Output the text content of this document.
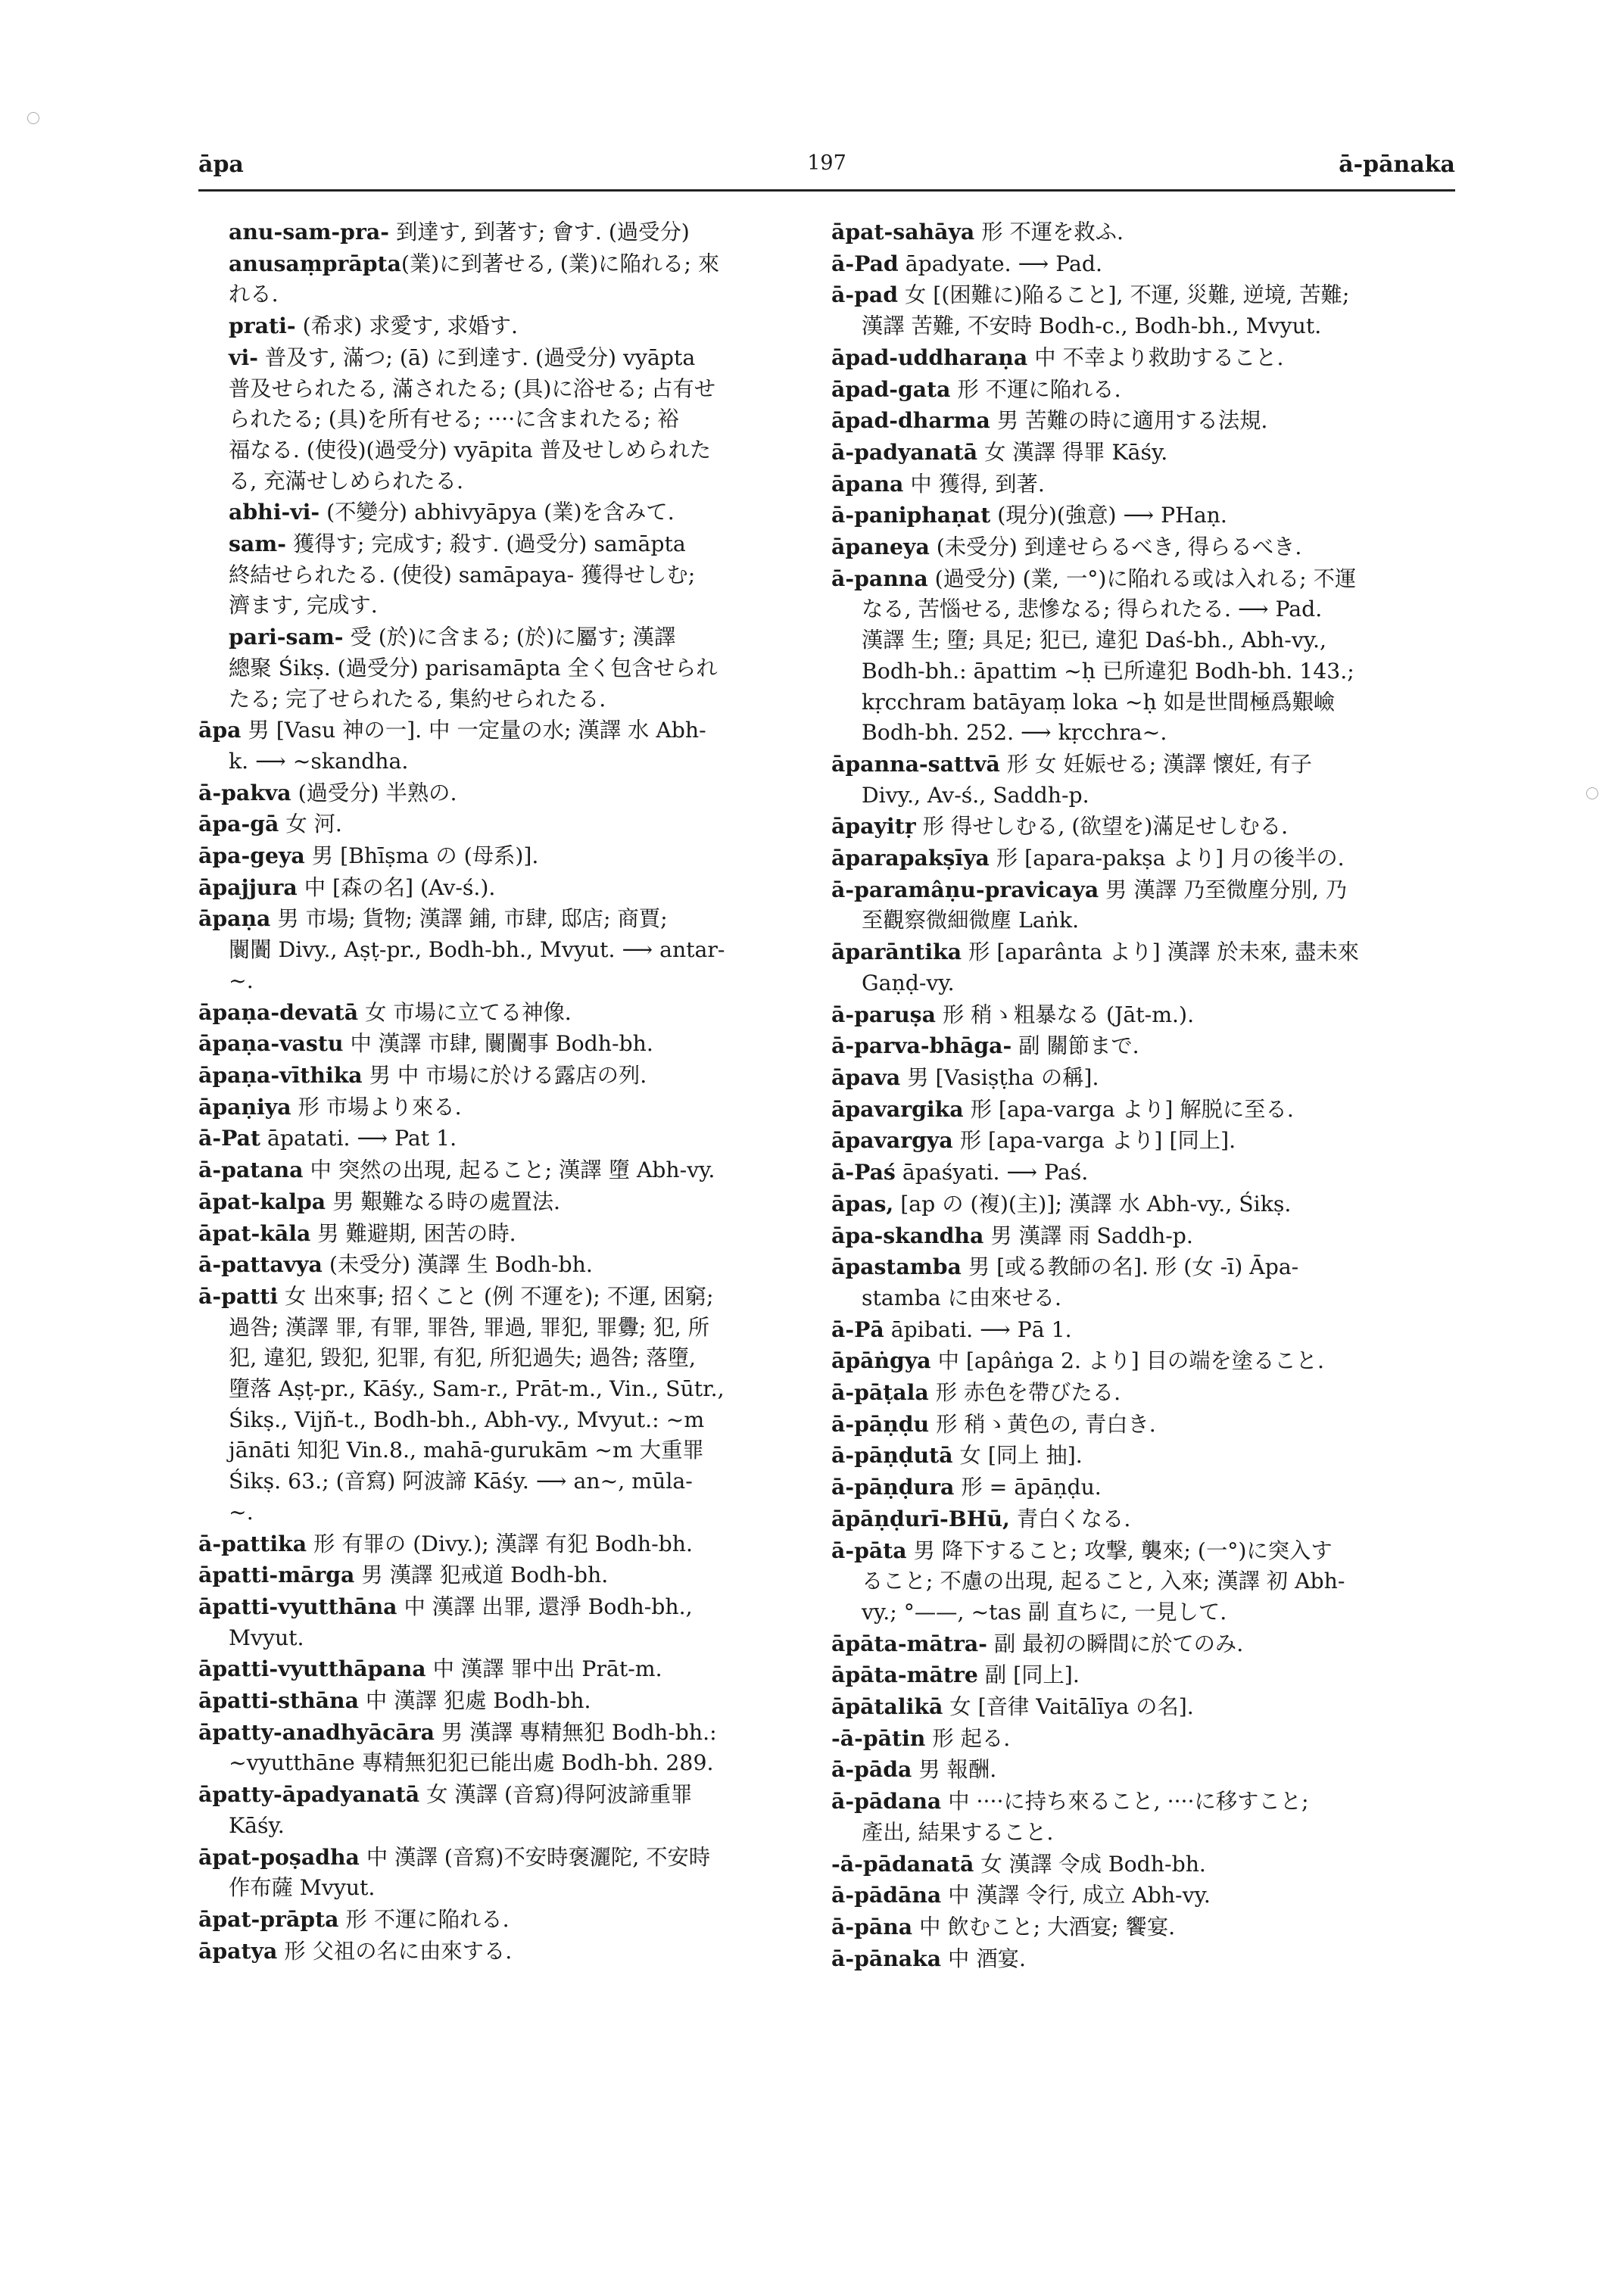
āpa	197	ā-pānaka
anu-sam-pra- 到達す, 到著す; 會す. (過受分)
anusaṃprāpta(業)に到著せる, (業)に陥れる; 來
れる.
prati- (希求) 求愛す, 求婚す.
vi- 普及す, 滿つ; (ā) に到達す. (過受分) vyāpta
普及せられたる, 滿されたる; (具)に浴せる; 占有せ
られたる; (具)を所有せる; ····に含まれたる; 裕
福なる. (使役)(過受分) vyāpita 普及せしめられた
る, 充滿せしめられたる.
abhi-vi- (不變分) abhivyāpya (業)を含みて.
sam- 獲得す; 完成す; 殺す. (過受分) samāpta
終結せられたる. (使役) samāpaya- 獲得せしむ;
濟ます, 完成す.
pari-sam- 受 (於)に含まる; (於)に屬す; 漢譯
總聚 Śikṣ. (過受分) parisamāpta 全く包含せられ
たる; 完了せられたる, 集約せられたる.
āpa 男 [Vasu 神の一]. 中 一定量の水; 漢譯 水 Abh-
k. ⟶ ~skandha.
ā-pakva (過受分) 半熟の.
āpa-gā 女 河.
āpa-geya 男 [Bhīṣma の (母系)].
āpajjura 中 [森の名] (Av-ś.).
āpaṇa 男 市場; 貨物; 漢譯 鋪, 市肆, 邸店; 商賈;
闤闠 Divy., Aṣṭ-pr., Bodh-bh., Mvyut. ⟶ antar-
~.
āpaṇa-devatā 女 市場に立てる神像.
āpaṇa-vastu 中 漢譯 市肆, 闤闠事 Bodh-bh.
āpaṇa-vīthika 男 中 市場に於ける露店の列.
āpaṇiya 形 市場より來る.
ā-Pat āpatati. ⟶ Pat 1.
ā-patana 中 突然の出現, 起ること; 漢譯 墮 Abh-vy.
āpat-kalpa 男 艱難なる時の處置法.
āpat-kāla 男 難避期, 困苦の時.
ā-pattavya (未受分) 漢譯 生 Bodh-bh.
ā-patti 女 出來事; 招くこと (例 不運を); 不運, 困窮;
過咎; 漢譯 罪, 有罪, 罪咎, 罪過, 罪犯, 罪釁; 犯, 所
犯, 違犯, 毀犯, 犯罪, 有犯, 所犯過失; 過咎; 落墮,
墮落 Aṣṭ-pr., Kāśy., Sam-r., Prāt-m., Vin., Sūtr.,
Śikṣ., Vijñ-t., Bodh-bh., Abh-vy., Mvyut.: ~m
jānāti 知犯 Vin.8., mahā-gurukām ~m 大重罪
Śikṣ. 63.; (音寫) 阿波諦 Kāśy. ⟶ an~, mūla-
~.
ā-pattika 形 有罪の (Divy.); 漢譯 有犯 Bodh-bh.
āpatti-mārga 男 漢譯 犯戒道 Bodh-bh.
āpatti-vyutthāna 中 漢譯 出罪, 還淨 Bodh-bh.,
Mvyut.
āpatti-vyutthāpana 中 漢譯 罪中出 Prāt-m.
āpatti-sthāna 中 漢譯 犯處 Bodh-bh.
āpatty-anadhyācāra 男 漢譯 專精無犯 Bodh-bh.:
~vyutthāne 專精無犯犯已能出處 Bodh-bh. 289.
āpatty-āpadyanatā 女 漢譯 (音寫)得阿波諦重罪
Kāśy.
āpat-poṣadha 中 漢譯 (音寫)不安時褒灑陀, 不安時
作布薩 Mvyut.
āpat-prāpta 形 不運に陥れる.
āpatya 形 父祖の名に由來する.
āpat-sahāya 形 不運を救ふ.
ā-Pad āpadyate. ⟶ Pad.
ā-pad 女 [(困難に)陥ること], 不運, 災難, 逆境, 苦難;
漢譯 苦難, 不安時 Bodh-c., Bodh-bh., Mvyut.
āpad-uddharaṇa 中 不幸より救助すること.
āpad-gata 形 不運に陥れる.
āpad-dharma 男 苦難の時に適用する法規.
ā-padyanatā 女 漢譯 得罪 Kāśy.
āpana 中 獲得, 到著.
ā-paniphaṇat (現分)(強意) ⟶ PHaṇ.
āpaneya (未受分) 到達せらるべき, 得らるべき.
ā-panna (過受分) (業, 一°)に陥れる或は入れる; 不運
なる, 苦惱せる, 悲慘なる; 得られたる. ⟶ Pad.
漢譯 生; 墮; 具足; 犯已, 違犯 Daś-bh., Abh-vy.,
Bodh-bh.: āpattim ~ḥ 已所違犯 Bodh-bh. 143.;
kṛcchram batāyaṃ loka ~ḥ 如是世間極爲艱嶮
Bodh-bh. 252. ⟶ kṛcchra~.
āpanna-sattvā 形 女 妊娠せる; 漢譯 懷妊, 有子
Divy., Av-ś., Saddh-p.
āpayitṛ 形 得せしむる, (欲望を)滿足せしむる.
āparapakṣīya 形 [apara-pakṣa より] 月の後半の.
ā-paramâṇu-pravicaya 男 漢譯 乃至微塵分別, 乃
至觀察微細微塵 Laṅk.
āparāntika 形 [aparânta より] 漢譯 於未來, 盡未來
Gaṇḍ-vy.
ā-paruṣa 形 稍ゝ粗暴なる (Jāt-m.).
ā-parva-bhāga- 副 關節まで.
āpava 男 [Vasiṣṭha の稱].
āpavargika 形 [apa-varga より] 解脱に至る.
āpavargya 形 [apa-varga より] [同上].
ā-Paś āpaśyati. ⟶ Paś.
āpas, [ap の (複)(主)]; 漢譯 水 Abh-vy., Śikṣ.
āpa-skandha 男 漢譯 雨 Saddh-p.
āpastamba 男 [或る教師の名]. 形 (女 -ī) Āpa-
stamba に由來せる.
ā-Pā āpibati. ⟶ Pā 1.
āpāṅgya 中 [apâṅga 2. より] 目の端を塗ること.
ā-pāṭala 形 赤色を帶びたる.
ā-pāṇḍu 形 稍ゝ黄色の, 青白き.
ā-pāṇḍutā 女 [同上 抽].
ā-pāṇḍura 形 = āpāṇḍu.
āpāṇḍurī-BHū, 青白くなる.
ā-pāta 男 降下すること; 攻撃, 襲來; (一°)に突入す
ること; 不慮の出現, 起ること, 入來; 漢譯 初 Abh-
vy.; °——, ~tas 副 直ちに, 一見して.
āpāta-mātra- 副 最初の瞬間に於てのみ.
āpāta-mātre 副 [同上].
āpātalikā 女 [音律 Vaitālīya の名].
-ā-pātin 形 起る.
ā-pāda 男 報酬.
ā-pādana 中 ····に持ち來ること, ····に移すこと;
產出, 結果すること.
-ā-pādanatā 女 漢譯 令成 Bodh-bh.
ā-pādāna 中 漢譯 令行, 成立 Abh-vy.
ā-pāna 中 飲むこと; 大酒宴; 饗宴.
ā-pānaka 中 酒宴.
